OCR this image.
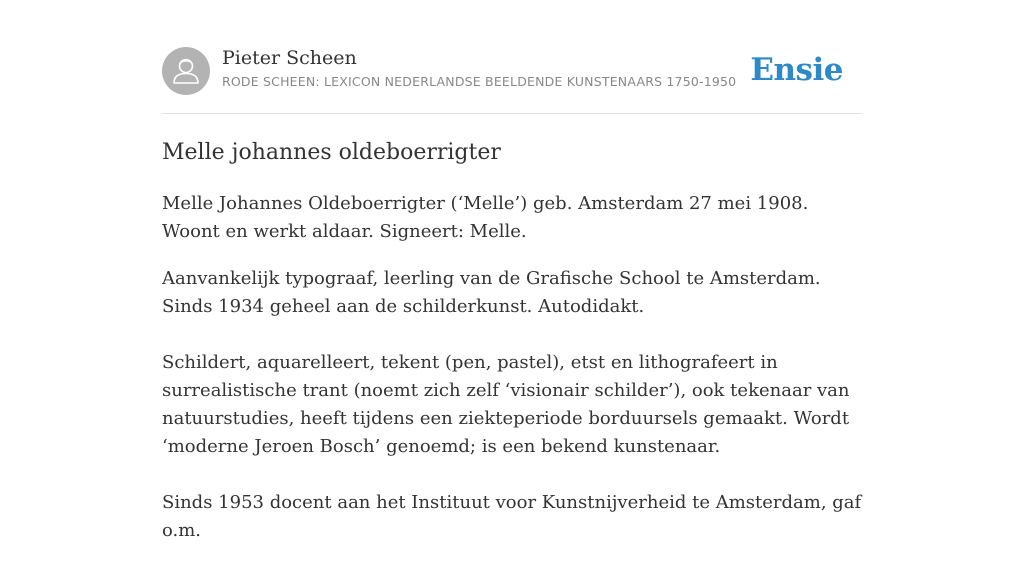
Pieter Scheen
RODE SCHEEN: LEXICON NEDERLANDSE BEELDENDE KUNSTENAARS 1750-1950 Ensie
Melle johannes oldeboerrigter

Melle Johannes Oldeboerrigter (‘Melle’) geb. Amsterdam 27 mei 1908. Woont en werkt aldaar. Signeert: Melle.

Aanvankelijk typograaf, leerling van de Grafische School te Amsterdam. Sinds 1934 geheel aan de schilderkunst. Autodidakt.

Schildert, aquarelleert, tekent (pen, pastel), etst en lithografeert in surrealistische trant (noemt zich zelf ‘visionair schilder’), ook tekenaar van natuurstudies, heeft tijdens een ziekteperiode borduursels gemaakt. Wordt ‘moderne Jeroen Bosch’ genoemd; is een bekend kunstenaar.

Sinds 1953 docent aan het Instituut voor Kunstnijverheid te Amsterdam, gaf o.m.
